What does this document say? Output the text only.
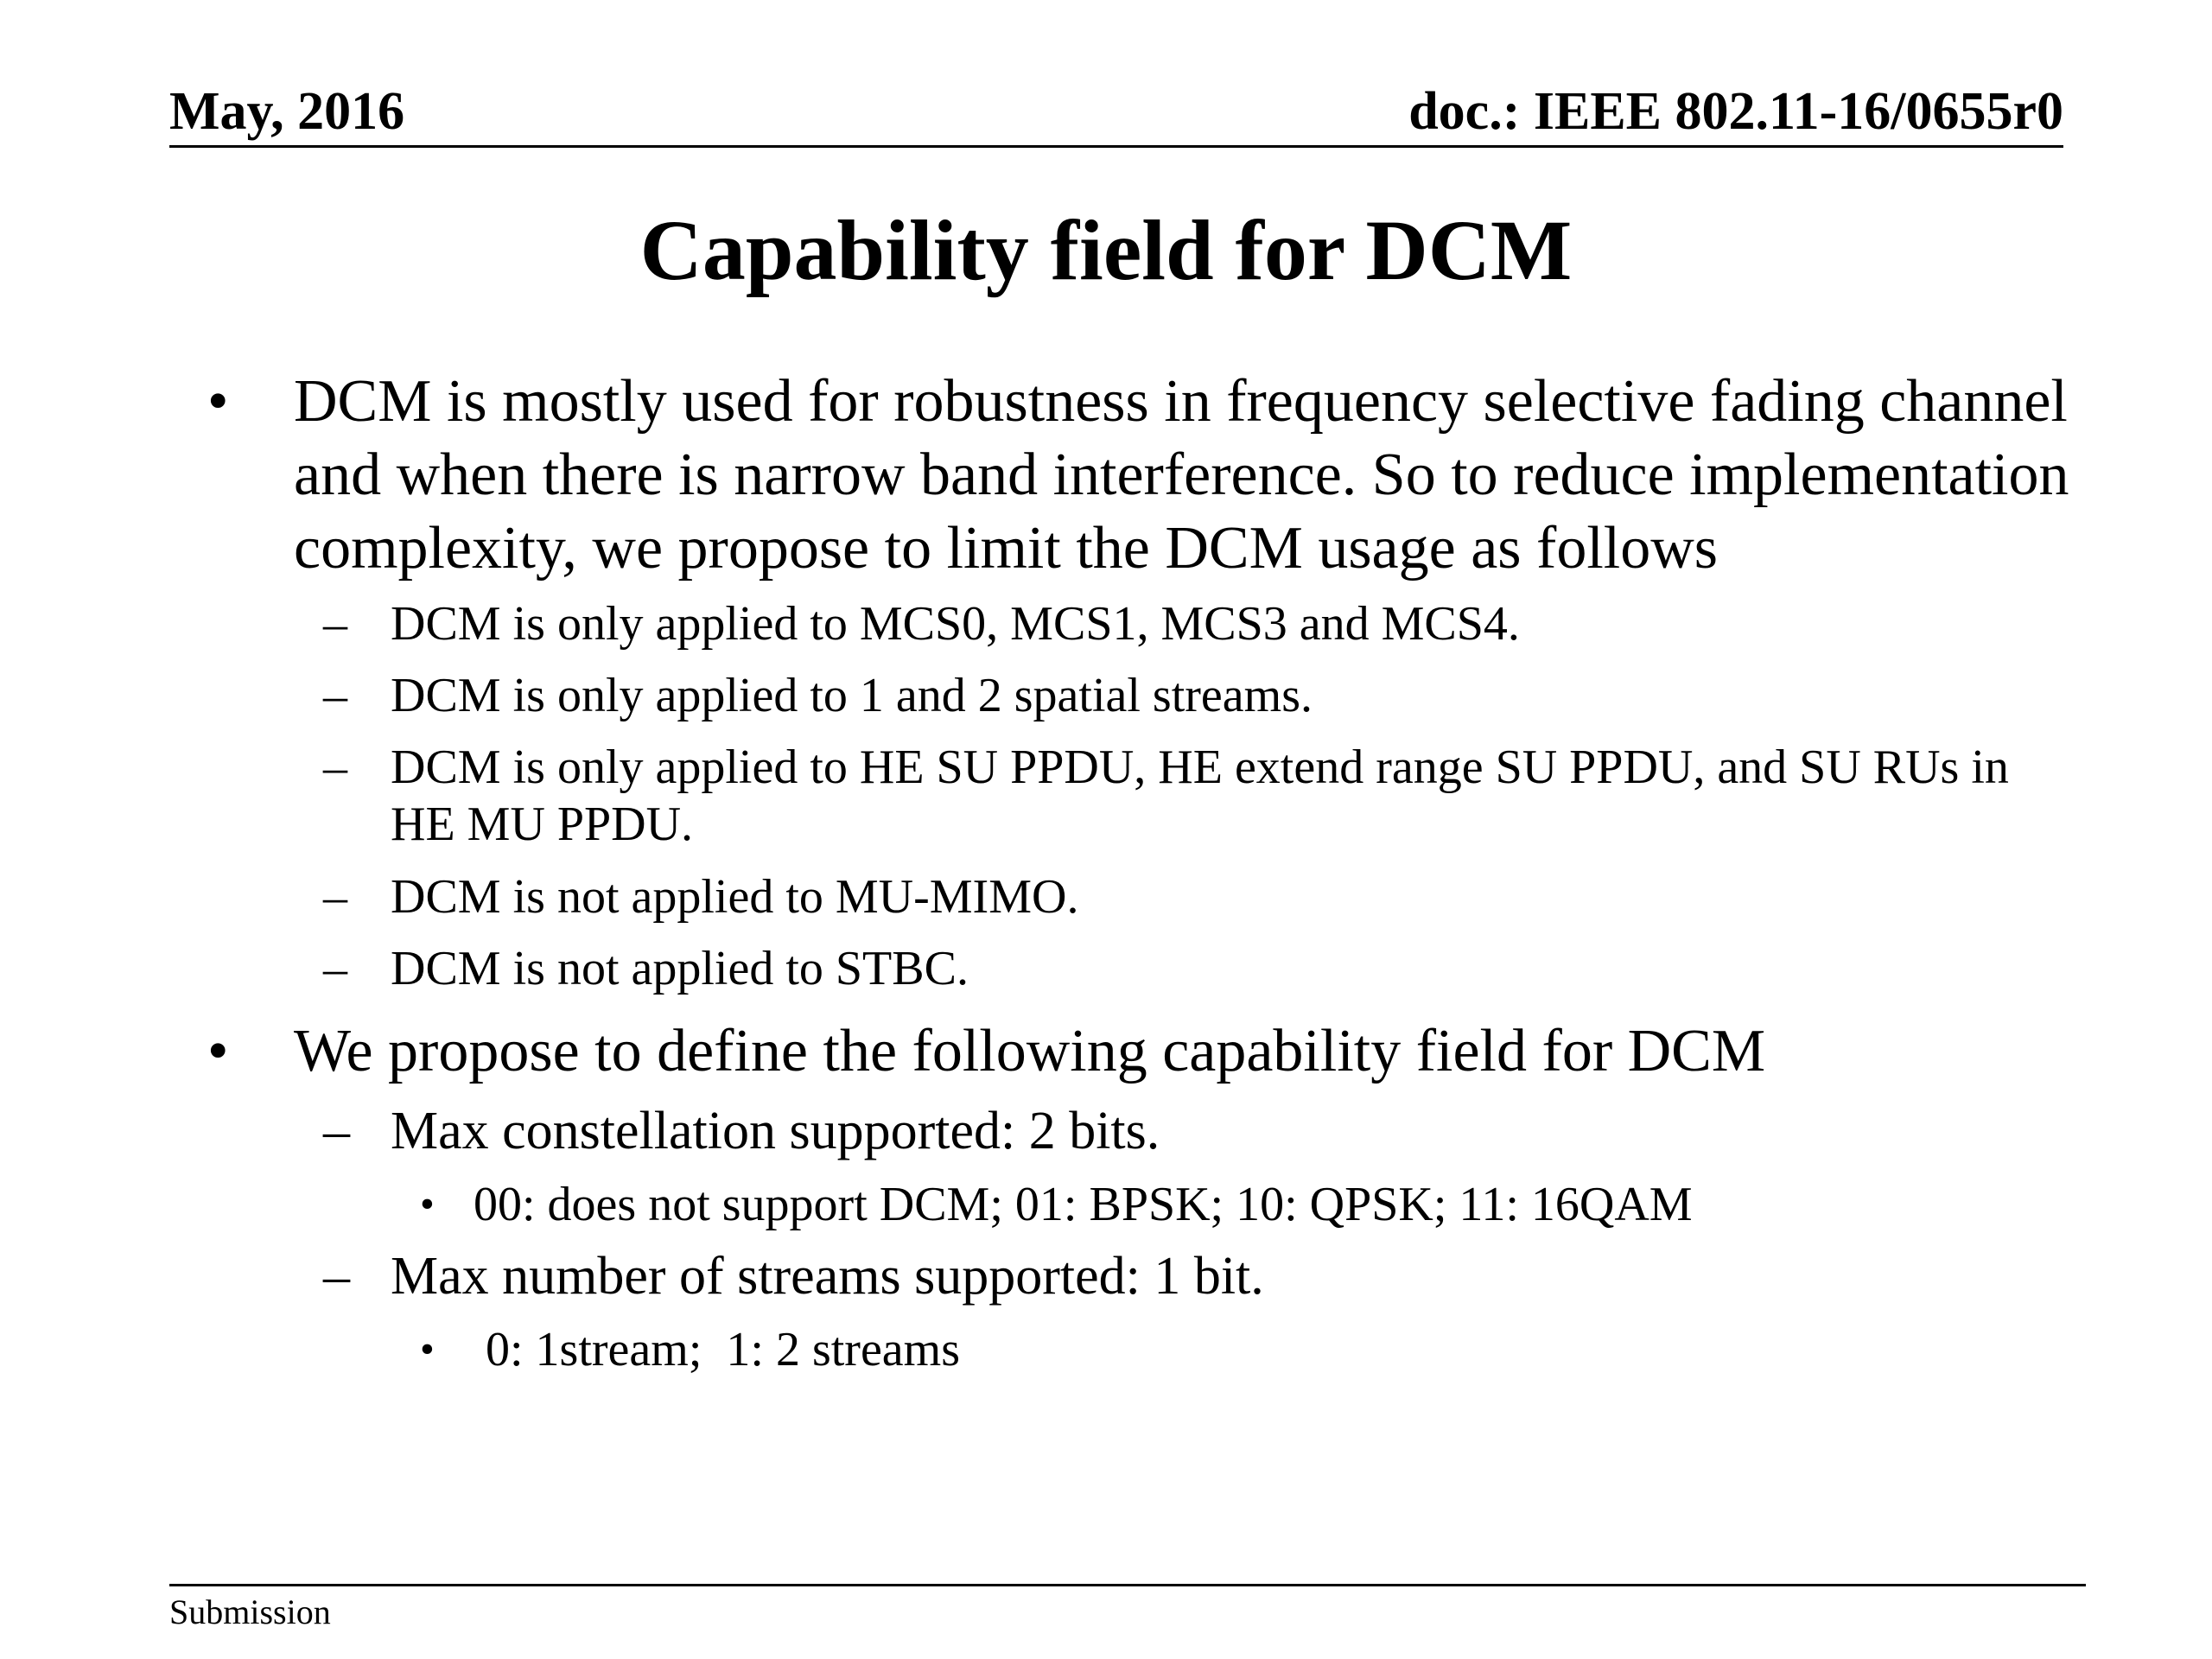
May, 2016	doc.: IEEE 802.11-16/0655r0
Capability field for DCM
• DCM is mostly used for robustness in frequency selective fading channel and when there is narrow band interference. So to reduce implementation complexity, we propose to limit the DCM usage as follows
– DCM is only applied to MCS0, MCS1, MCS3 and MCS4.
– DCM is only applied to 1 and 2 spatial streams.
– DCM is only applied to HE SU PPDU, HE extend range SU PPDU, and SU RUs in HE MU PPDU.
– DCM is not applied to MU-MIMO.
– DCM is not applied to STBC.
• We propose to define the following capability field for DCM
– Max constellation supported: 2 bits.
• 00: does not support DCM; 01: BPSK; 10: QPSK; 11: 16QAM
– Max number of streams supported: 1 bit.
• 0: 1stream;  1: 2 streams
Submission
